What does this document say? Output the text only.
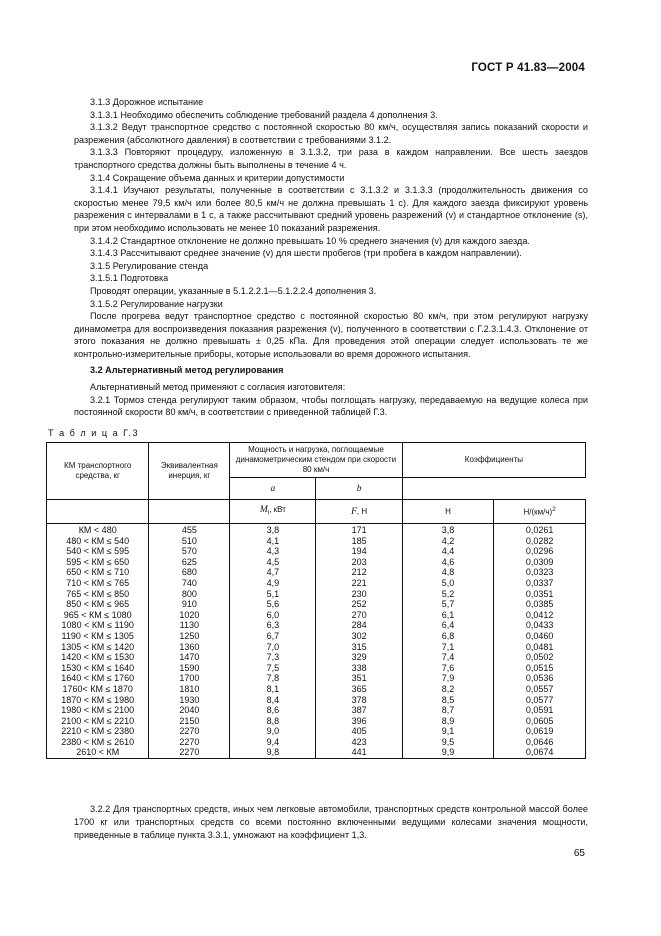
ГОСТ Р 41.83—2004

3.1.3 Дорожное испытание

3.1.3.1 Необходимо обеспечить соблюдение требований раздела 4 дополнения 3.

3.1.3.2 Ведут транспортное средство с постоянной скоростью 80 км/ч, осуществляя запись показаний скорости и разрежения (абсолютного давления) в соответствии с требованиями 3.1.2.

3.1.3.3 Повторяют процедуру, изложенную в 3.1.3.2, три раза в каждом направлении. Все шесть заездов транспортного средства должны быть выполнены в течение 4 ч.

3.1.4 Сокращение объема данных и критерии допустимости

3.1.4.1 Изучают результаты, полученные в соответствии с 3.1.3.2 и 3.1.3.3 (продолжительность движения со скоростью менее 79,5 км/ч или более 80,5 км/ч не должна превышать 1 с). Для каждого заезда фиксируют уровень разрежения с интервалами в 1 с, а также рассчитывают средний уровень разрежений (v) и стандартное отклонение (s), при этом необходимо использовать не менее 10 показаний разрежения.

3.1.4.2 Стандартное отклонение не должно превышать 10 % среднего значения (v) для каждого заезда.

3.1.4.3 Рассчитывают среднее значение (v) для шести пробегов (три пробега в каждом направлении).

3.1.5 Регулирование стенда

3.1.5.1 Подготовка

Проводят операции, указанные в 5.1.2.2.1—5.1.2.2.4 дополнения 3.

3.1.5.2 Регулирование нагрузки

После прогрева ведут транспортное средство с постоянной скоростью 80 км/ч, при этом регулируют нагрузку динамометра для воспроизведения показания разрежения (v), полученного в соответствии с Г.2.3.1.4.3. Отклонение от этого показания не должно превышать ± 0,25 кПа. Для проведения этой операции следует использовать те же контрольно-измерительные приборы, которые использовали во время дорожного испытания.

3.2 Альтернативный метод регулирования

Альтернативный метод применяют с согласия изготовителя:

3.2.1 Тормоз стенда регулируют таким образом, чтобы поглощать нагрузку, передаваемую на ведущие колеса при постоянной скорости 80 км/ч, в соответствии с приведенной таблицей Г.3.

Т а б л и ц а Г.3
КМ транспортного средства, кг	Эквивалентная инерция, кг	Мощность и нагрузка, поглощаемые динамометрическим стендом при скорости 80 км/ч		Коэффициенты	
		a	b		
		$M_i$, кВт	F, Н	Н	$Н/(км/ч)^2$
КМ < 480	455	3,8	171	3,8	0,0261
480 < КМ ≤ 540	510	4,1	185	4,2	0,0282
540 < КМ ≤ 595	570	4,3	194	4,4	0,0296
595 < КМ ≤ 650	625	4,5	203	4,6	0,0309
650 < КМ ≤ 710	680	4,7	212	4,8	0,0323
710 < КМ ≤ 765	740	4,9	221	5,0	0,0337
765 < КМ ≤ 850	800	5,1	230	5,2	0,0351
850 < КМ ≤ 965	910	5,6	252	5,7	0,0385
965 < КМ ≤ 1080	1020	6,0	270	6,1	0,0412
1080 < КМ ≤ 1190	1130	6,3	284	6,4	0,0433
1190 < КМ ≤ 1305	1250	6,7	302	6,8	0,0460
1305 < КМ ≤ 1420	1360	7,0	315	7,1	0,0481
1420 < КМ ≤ 1530	1470	7,3	329	7,4	0,0502
1530 < КМ ≤ 1640	1590	7,5	338	7,6	0,0515
1640 < КМ ≤ 1760	1700	7,8	351	7,9	0,0536
1760< КМ ≤ 1870	1810	8,1	365	8,2	0,0557
1870 < КМ ≤ 1980	1930	8,4	378	8,5	0,0577
1980 < КМ ≤ 2100	2040	8,6	387	8,7	0,0591
2100 < КМ ≤ 2210	2150	8,8	396	8,9	0,0605
2210 < КМ ≤ 2380	2270	9,0	405	9,1	0,0619
2380 < КМ ≤ 2610	2270	9,4	423	9,5	0,0646
2610 < КМ	2270	9,8	441	9,9	0,0674

3.2.2 Для транспортных средств, иных чем легковые автомобили, транспортных средств контрольной массой более 1700 кг или транспортных средств со всеми постоянно включенными ведущими колесами значения мощности, приведенные в таблице пункта 3.3.1, умножают на коэффициент 1,3.

65
